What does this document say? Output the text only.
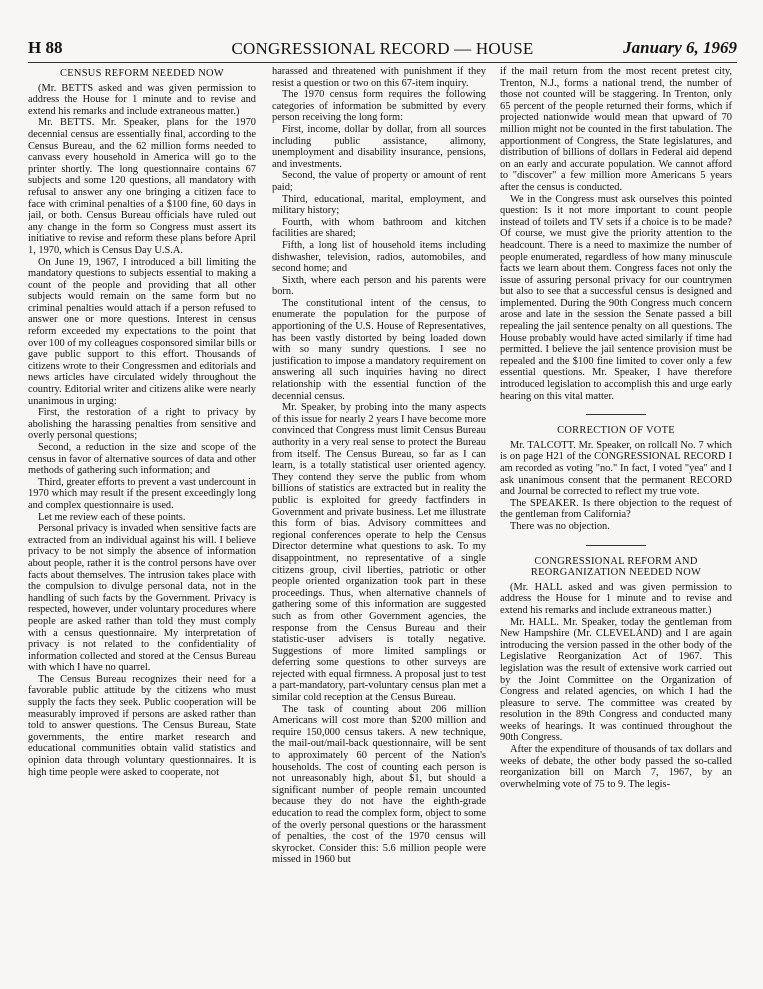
H 88	CONGRESSIONAL RECORD — HOUSE	January 6, 1969
CENSUS REFORM NEEDED NOW

(Mr. BETTS asked and was given permission to address the House for 1 minute and to revise and extend his remarks and include extraneous matter.)

Mr. BETTS. Mr. Speaker, plans for the 1970 decennial census are essentially final, according to the Census Bureau, and the 62 million forms needed to canvass every household in America will go to the printer shortly. The long questionnaire contains 67 subjects and some 120 questions, all mandatory with refusal to answer any one bringing a citizen face to face with criminal penalties of a $100 fine, 60 days in jail, or both. Census Bureau officials have ruled out any change in the form so Congress must assert its initiative to revise and reform these plans before April 1, 1970, which is Census Day U.S.A.

On June 19, 1967, I introduced a bill limiting the mandatory questions to subjects essential to making a count of the people and providing that all other subjects would remain on the same form but no criminal penalties would attach if a person refused to answer one or more questions. Interest in census reform exceeded my expectations to the point that over 100 of my colleagues cosponsored similar bills or gave public support to this effort. Thousands of citizens wrote to their Congressmen and editorials and news articles have circulated widely throughout the country. Editorial writer and citizens alike were nearly unanimous in urging:

First, the restoration of a right to privacy by abolishing the harassing penalties from sensitive and overly personal questions;

Second, a reduction in the size and scope of the census in favor of alternative sources of data and other methods of gathering such information; and

Third, greater efforts to prevent a vast undercount in 1970 which may result if the present exceedingly long and complex questionnaire is used.

Let me review each of these points.

Personal privacy is invaded when sensitive facts are extracted from an individual against his will. I believe privacy to be not simply the absence of information about people, rather it is the control persons have over facts about themselves. The intrusion takes place with the compulsion to divulge personal data, not in the handling of such facts by the Government. Privacy is respected, however, under voluntary procedures where people are asked rather than told they must comply with a census questionnaire. My interpretation of privacy is not related to the confidentiality of information collected and stored at the Census Bureau with which I have no quarrel.

The Census Bureau recognizes their need for a favorable public attitude by the citizens who must supply the facts they seek. Public cooperation will be measurably improved if persons are asked rather than told to answer questions. The Census Bureau, State governments, the entire market research and educational communities obtain valid statistics and opinion data through voluntary questionnaires. It is high time people were asked to cooperate, not

harassed and threatened with punishment if they resist a question or two on this 67-item inquiry.

The 1970 census form requires the following categories of information be submitted by every person receiving the long form:

First, income, dollar by dollar, from all sources including public assistance, alimony, unemployment and disability insurance, pensions, and investments.

Second, the value of property or amount of rent paid;

Third, educational, marital, employment, and military history;

Fourth, with whom bathroom and kitchen facilities are shared;

Fifth, a long list of household items including dishwasher, television, radios, automobiles, and second home; and

Sixth, where each person and his parents were born.

The constitutional intent of the census, to enumerate the population for the purpose of apportioning of the U.S. House of Representatives, has been vastly distorted by being loaded down with so many sundry questions. I see no justification to impose a mandatory requirement on answering all such inquiries having no direct relationship with the essential function of the decennial census.

Mr. Speaker, by probing into the many aspects of this issue for nearly 2 years I have become more convinced that Congress must limit Census Bureau authority in a very real sense to protect the Bureau from itself. The Census Bureau, so far as I can learn, is a totally statistical user oriented agency. They contend they serve the public from whom billions of statistics are extracted but in reality the public is exploited for greedy factfinders in Government and private business. Let me illustrate this form of bias. Advisory committees and regional conferences operate to help the Census Director determine what questions to ask. To my disappointment, no representative of a single citizens group, civil liberties, patriotic or other people oriented organization took part in these proceedings. Thus, when alternative channels of gathering some of this information are suggested such as from other Government agencies, the response from the Census Bureau and their statistic-user advisers is totally negative. Suggestions of more limited samplings or deferring some questions to other surveys are rejected with equal firmness. A proposal just to test a part-mandatory, part-voluntary census plan met a similar cold reception at the Census Bureau.

The task of counting about 206 million Americans will cost more than $200 million and require 150,000 census takers. A new technique, the mail-out/mail-back questionnaire, will be sent to approximately 60 percent of the Nation's households. The cost of counting each person is not unreasonably high, about $1, but should a significant number of people remain uncounted because they do not have the eighth-grade education to read the complex form, object to some of the overly personal questions or the harassment of penalties, the cost of the 1970 census will skyrocket. Consider this: 5.6 million people were missed in 1960 but

if the mail return from the most recent pretest city, Trenton, N.J., forms a national trend, the number of those not counted will be staggering. In Trenton, only 65 percent of the people returned their forms, which if projected nationwide would mean that upward of 70 million might not be counted in the first tabulation. The apportionment of Congress, the State legislatures, and distribution of billions of dollars in Federal aid depend on an early and accurate population. We cannot afford to "discover" a few million more Americans 5 years after the census is conducted.

We in the Congress must ask ourselves this pointed question: Is it not more important to count people instead of toilets and TV sets if a choice is to be made? Of course, we must give the priority attention to the headcount. There is a need to maximize the number of people enumerated, regardless of how many minuscule facts we learn about them. Congress faces not only the issue of assuring personal privacy for our countrymen but also to see that a successful census is designed and implemented. During the 90th Congress much concern arose and late in the session the Senate passed a bill repealing the jail sentence penalty on all questions. The House probably would have acted similarly if time had permitted. I believe the jail sentence provision must be repealed and the $100 fine limited to cover only a few essential questions. Mr. Speaker, I have therefore introduced legislation to accomplish this and urge early hearing on this vital matter.

CORRECTION OF VOTE

Mr. TALCOTT. Mr. Speaker, on rollcall No. 7 which is on page H21 of the CONGRESSIONAL RECORD I am recorded as voting "no." In fact, I voted "yea" and I ask unanimous consent that the permanent RECORD and Journal be corrected to reflect my true vote.

The SPEAKER. Is there objection to the request of the gentleman from California?

There was no objection.

CONGRESSIONAL REFORM AND REORGANIZATION NEEDED NOW

(Mr. HALL asked and was given permission to address the House for 1 minute and to revise and extend his remarks and include extraneous matter.)

Mr. HALL. Mr. Speaker, today the gentleman from New Hampshire (Mr. CLEVELAND) and I are again introducing the version passed in the other body of the Legislative Reorganization Act of 1967. This legislation was the result of extensive work carried out by the Joint Committee on the Organization of Congress and related agencies, on which I had the pleasure to serve. The committee was created by resolution in the 89th Congress and conducted many weeks of hearings. It was continued throughout the 90th Congress.

After the expenditure of thousands of tax dollars and weeks of debate, the other body passed the so-called reorganization bill on March 7, 1967, by an overwhelming vote of 75 to 9. The legis-
